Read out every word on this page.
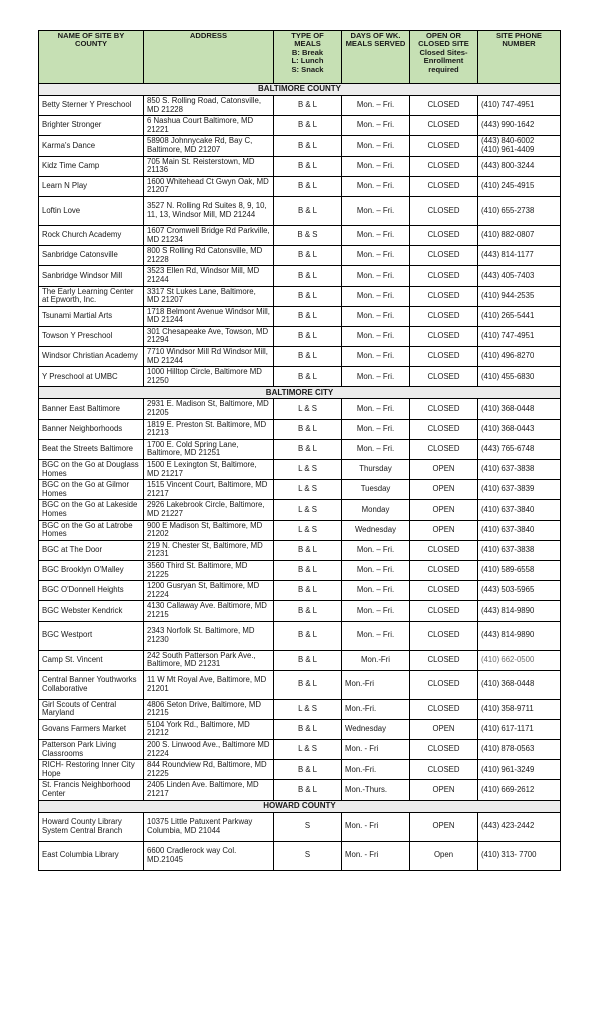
NAME OF SITE BY COUNTY	ADDRESS	TYPE OF MEALS
B: Break
L: Lunch
S: Snack	DAYS OF WK. MEALS SERVED	OPEN OR CLOSED SITE
Closed Sites-Enrollment required	SITE PHONE NUMBER
BALTIMORE COUNTY					
Betty Sterner Y Preschool	850 S. Rolling Road, Catonsville, MD 21228	B & L	Mon. – Fri.	CLOSED	(410) 747-4951
Brighter Stronger	6 Nashua Court Baltimore, MD 21221	B & L	Mon. – Fri.	CLOSED	(443) 990-1642
Karma's Dance	58908 Johnnycake Rd, Bay C, Baltimore, MD 21207	B & L	Mon. – Fri.	CLOSED	(443) 840-6002
(410) 961-4409
Kidz Time Camp	705 Main St. Reisterstown, MD 21136	B & L	Mon. – Fri.	CLOSED	(443) 800-3244
Learn N Play	1600 Whitehead Ct Gwyn Oak, MD 21207	B & L	Mon. – Fri.	CLOSED	(410) 245-4915
Loftin Love	3527 N. Rolling Rd Suites 8, 9, 10, 11, 13, Windsor Mill, MD 21244	B & L	Mon. – Fri.	CLOSED	(410) 655-2738
Rock Church Academy	1607 Cromwell Bridge Rd Parkville, MD 21234	B & S	Mon. – Fri.	CLOSED	(410) 882-0807
Sanbridge Catonsville	800 S Rolling Rd Catonsville, MD 21228	B & L	Mon. – Fri.	CLOSED	(443) 814-1177
Sanbridge Windsor Mill	3523 Ellen Rd, Windsor Mill, MD 21244	B & L	Mon. – Fri.	CLOSED	(443) 405-7403
The Early Learning Center at Epworth, Inc.	3317 St Lukes Lane, Baltimore, MD 21207	B & L	Mon. – Fri.	CLOSED	(410) 944-2535
Tsunami Martial Arts	1718 Belmont Avenue Windsor Mill, MD 21244	B & L	Mon. – Fri.	CLOSED	(410) 265-5441
Towson Y Preschool	301 Chesapeake Ave, Towson, MD 21294	B & L	Mon. – Fri.	CLOSED	(410) 747-4951
Windsor Christian Academy	7710 Windsor Mill Rd Windsor Mill, MD 21244	B & L	Mon. – Fri.	CLOSED	(410) 496-8270
Y Preschool at UMBC	1000 Hilltop Circle, Baltimore MD 21250	B & L	Mon. – Fri.	CLOSED	(410) 455-6830
BALTIMORE CITY					
Banner East Baltimore	2931 E. Madison St, Baltimore, MD 21205	L & S	Mon. – Fri.	CLOSED	(410) 368-0448
Banner Neighborhoods	1819 E. Preston St. Baltimore, MD 21213	B & L	Mon. – Fri.	CLOSED	(410) 368-0443
Beat the Streets Baltimore	1700 E. Cold Spring Lane, Baltimore, MD 21251	B & L	Mon. – Fri.	CLOSED	(443) 765-6748
BGC on the Go at Douglass Homes	1500 E Lexington St, Baltimore, MD 21217	L & S	Thursday	OPEN	(410) 637-3838
BGC on the Go at Gilmor Homes	1515 Vincent Court, Baltimore, MD 21217	L & S	Tuesday	OPEN	(410) 637-3839
BGC on the Go at Lakeside Homes	2926 Lakebrook Circle, Baltimore, MD 21227	L & S	Monday	OPEN	(410) 637-3840
BGC on the Go at Latrobe Homes	900 E Madison St, Baltimore, MD 21202	L & S	Wednesday	OPEN	(410) 637-3840
BGC at The Door	219 N. Chester St, Baltimore, MD 21231	B & L	Mon. – Fri.	CLOSED	(410) 637-3838
BGC Brooklyn O'Malley	3560 Third St. Baltimore, MD 21225	B & L	Mon. – Fri.	CLOSED	(410) 589-6558
BGC O'Donnell Heights	1200 Gusryan St, Baltimore, MD 21224	B & L	Mon. – Fri.	CLOSED	(443) 503-5965
BGC Webster Kendrick	4130 Callaway Ave. Baltimore, MD 21215	B & L	Mon. – Fri.	CLOSED	(443) 814-9890
BGC Westport	2343 Norfolk St. Baltimore, MD 21230	B & L	Mon. – Fri.	CLOSED	(443) 814-9890
Camp St. Vincent	242 South Patterson Park Ave., Baltimore, MD 21231	B & L	Mon.-Fri	CLOSED	(410) 662-0500
Central Banner Youthworks Collaborative	11 W Mt Royal Ave, Baltimore, MD 21201	B & L	Mon.-Fri	CLOSED	(410) 368-0448
Girl Scouts of Central Maryland	4806 Seton Drive, Baltimore, MD 21215	L & S	Mon.-Fri.	CLOSED	(410) 358-9711
Govans Farmers Market	5104 York Rd., Baltimore, MD 21212	B & L	Wednesday	OPEN	(410) 617-1171
Patterson Park Living Classrooms	200 S. Linwood Ave., Baltimore MD 21224	L & S	Mon. - Fri	CLOSED	(410) 878-0563
RICH- Restoring Inner City Hope	844 Roundview Rd, Baltimore, MD 21225	B & L	Mon.-Fri.	CLOSED	(410) 961-3249
St. Francis Neighborhood Center	2405 Linden Ave. Baltimore, MD 21217	B & L	Mon.-Thurs.	OPEN	(410) 669-2612
HOWARD COUNTY					
Howard County Library System Central Branch	10375 Little Patuxent Parkway Columbia, MD 21044	S	Mon. - Fri	OPEN	(443) 423-2442
East Columbia Library	6600 Cradlerock way Col. MD.21045	S	Mon. - Fri	Open	(410) 313- 7700
